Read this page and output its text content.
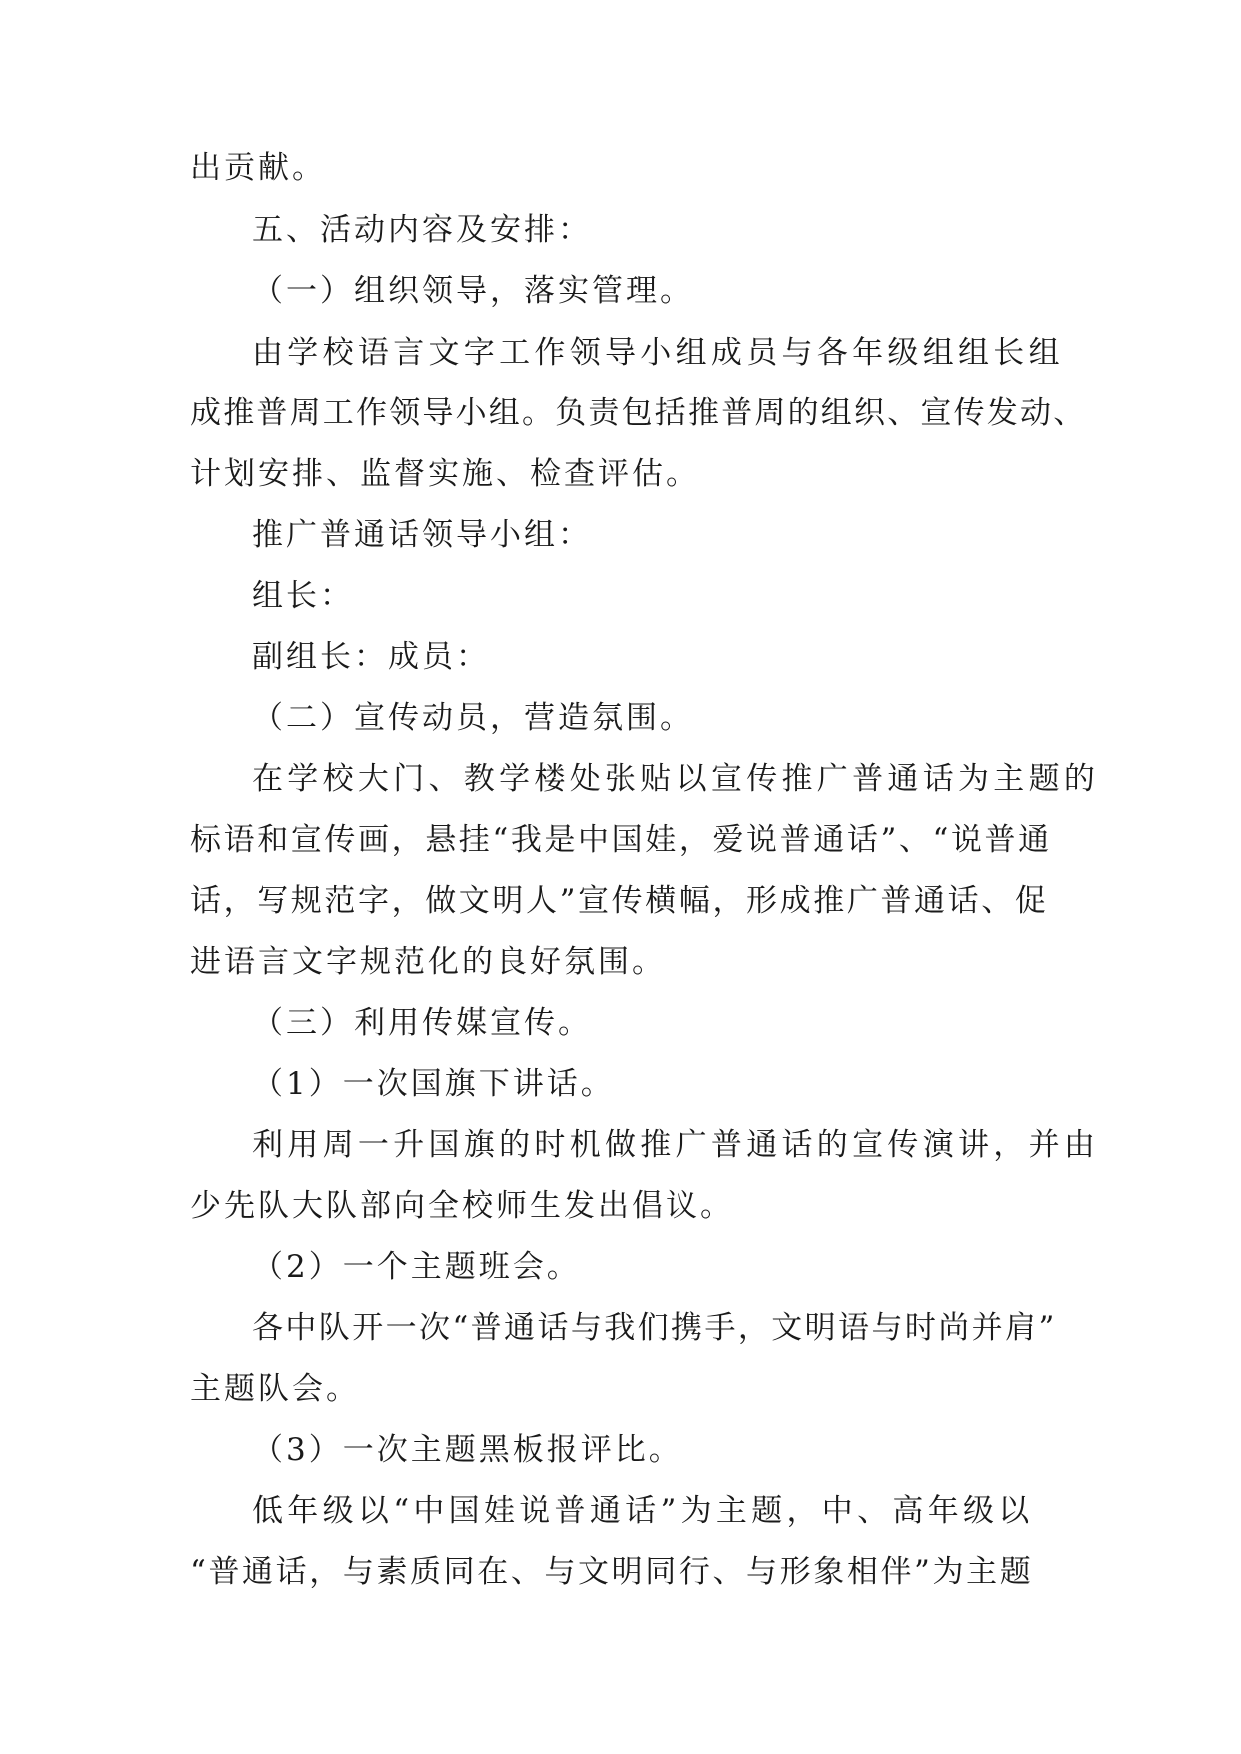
出贡献。
五、活动内容及安排：
（一）组织领导，落实管理。
由学校语言文字工作领导小组成员与各年级组组长组
成推普周工作领导小组。负责包括推普周的组织、宣传发动、
计划安排、监督实施、检查评估。
推广普通话领导小组：
组长：
副组长：成员：
（二）宣传动员，营造氛围。
在学校大门、教学楼处张贴以宣传推广普通话为主题的
标语和宣传画，悬挂“我是中国娃，爱说普通话”、“说普通
话，写规范字，做文明人”宣传横幅，形成推广普通话、促
进语言文字规范化的良好氛围。
（三）利用传媒宣传。
（1）一次国旗下讲话。
利用周一升国旗的时机做推广普通话的宣传演讲，并由
少先队大队部向全校师生发出倡议。
（2）一个主题班会。
各中队开一次“普通话与我们携手，文明语与时尚并肩”
主题队会。
（3）一次主题黑板报评比。
低年级以“中国娃说普通话”为主题，中、高年级以
“普通话，与素质同在、与文明同行、与形象相伴”为主题
